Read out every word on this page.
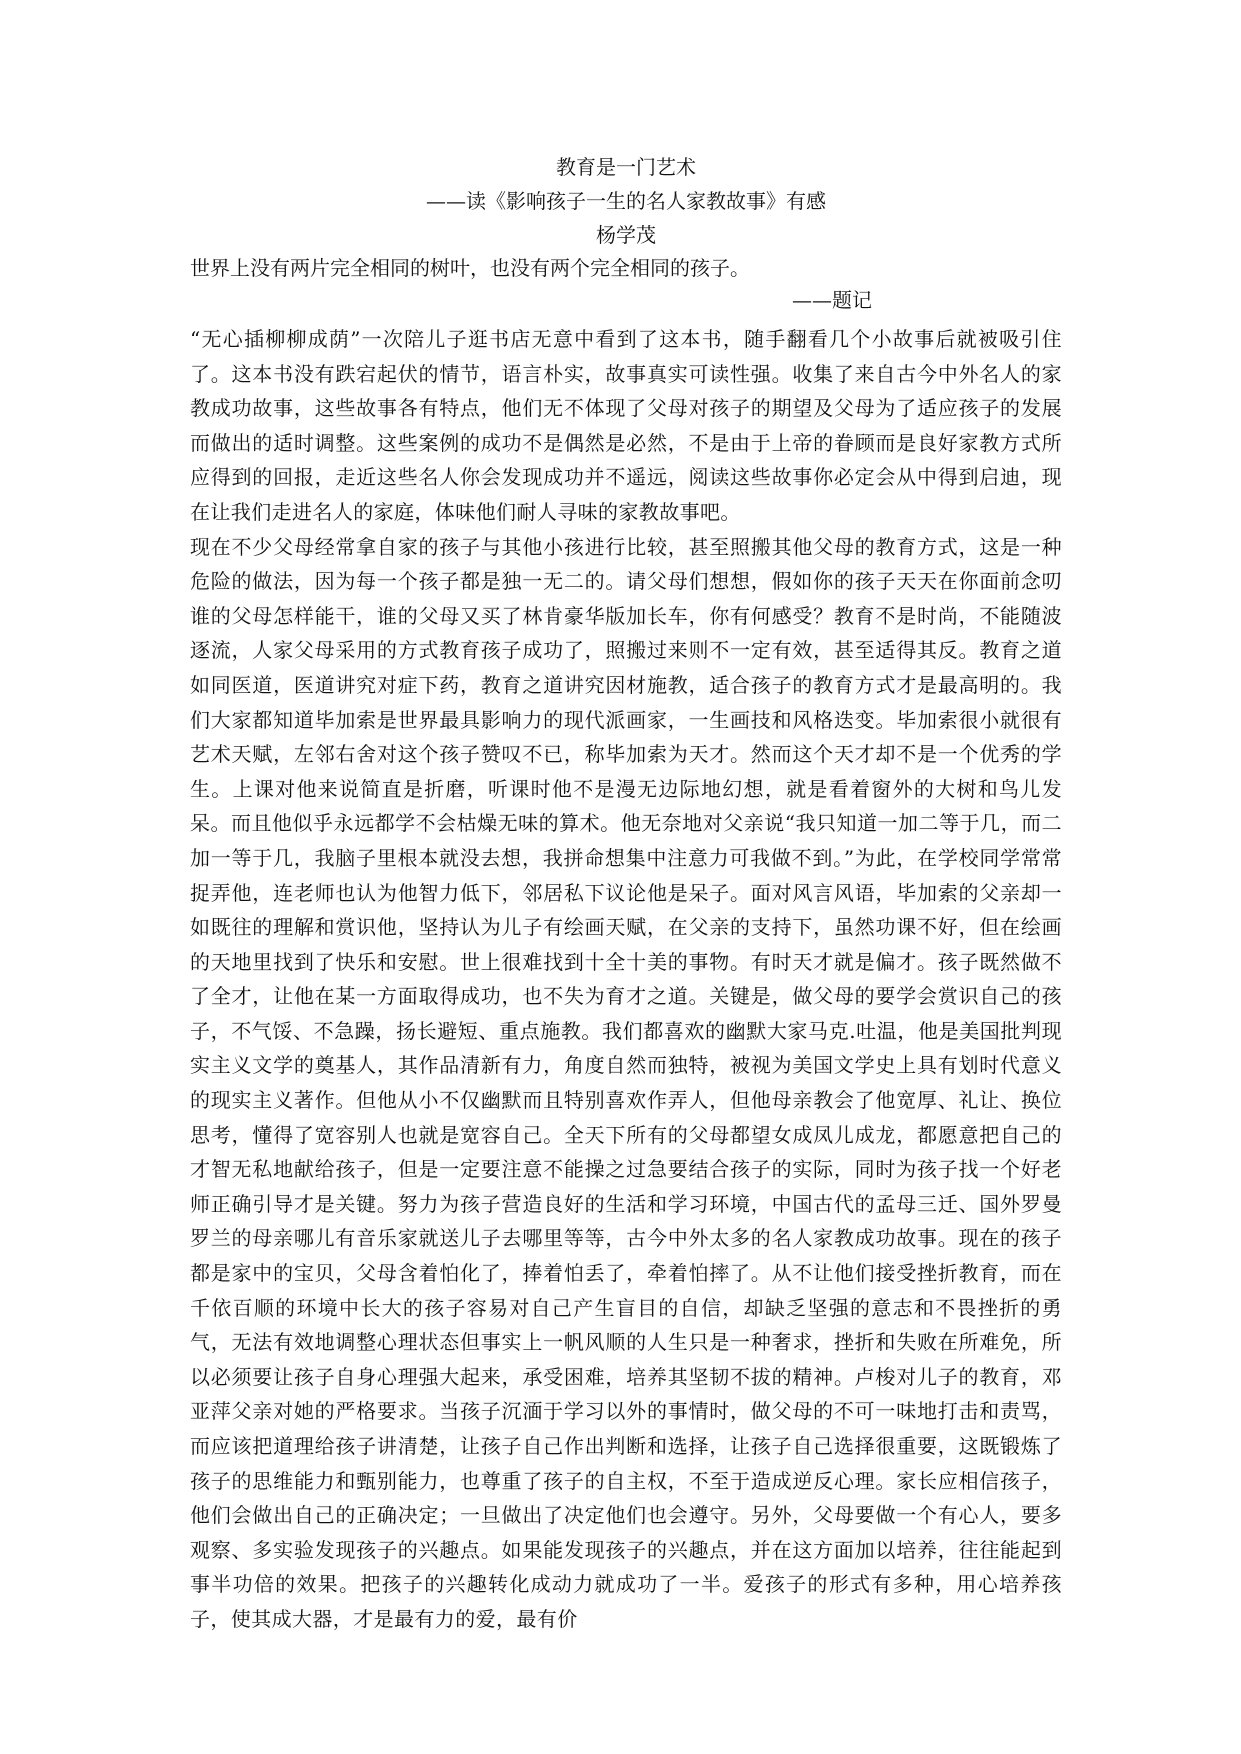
教育是一门艺术
——读《影响孩子一生的名人家教故事》有感
杨学茂
世界上没有两片完全相同的树叶，也没有两个完全相同的孩子。
——题记

“无心插柳柳成荫”一次陪儿子逛书店无意中看到了这本书，随手翻看几个小故事后就被吸引住了。这本书没有跌宕起伏的情节，语言朴实，故事真实可读性强。收集了来自古今中外名人的家教成功故事，这些故事各有特点，他们无不体现了父母对孩子的期望及父母为了适应孩子的发展而做出的适时调整。这些案例的成功不是偶然是必然，不是由于上帝的眷顾而是良好家教方式所应得到的回报，走近这些名人你会发现成功并不遥远，阅读这些故事你必定会从中得到启迪，现在让我们走进名人的家庭，体味他们耐人寻味的家教故事吧。

现在不少父母经常拿自家的孩子与其他小孩进行比较，甚至照搬其他父母的教育方式，这是一种危险的做法，因为每一个孩子都是独一无二的。请父母们想想，假如你的孩子天天在你面前念叨谁的父母怎样能干，谁的父母又买了林肯豪华版加长车，你有何感受？教育不是时尚，不能随波逐流，人家父母采用的方式教育孩子成功了，照搬过来则不一定有效，甚至适得其反。教育之道如同医道，医道讲究对症下药，教育之道讲究因材施教，适合孩子的教育方式才是最高明的。我们大家都知道毕加索是世界最具影响力的现代派画家，一生画技和风格迭变。毕加索很小就很有艺术天赋，左邻右舍对这个孩子赞叹不已，称毕加索为天才。然而这个天才却不是一个优秀的学生。上课对他来说简直是折磨，听课时他不是漫无边际地幻想，就是看着窗外的大树和鸟儿发呆。而且他似乎永远都学不会枯燥无味的算术。他无奈地对父亲说“我只知道一加二等于几，而二加一等于几，我脑子里根本就没去想，我拼命想集中注意力可我做不到。”为此，在学校同学常常捉弄他，连老师也认为他智力低下，邻居私下议论他是呆子。面对风言风语，毕加索的父亲却一如既往的理解和赏识他，坚持认为儿子有绘画天赋，在父亲的支持下，虽然功课不好，但在绘画的天地里找到了快乐和安慰。世上很难找到十全十美的事物。有时天才就是偏才。孩子既然做不了全才，让他在某一方面取得成功，也不失为育才之道。关键是，做父母的要学会赏识自己的孩子，不气馁、不急躁，扬长避短、重点施教。我们都喜欢的幽默大家马克.吐温，他是美国批判现实主义文学的奠基人，其作品清新有力，角度自然而独特，被视为美国文学史上具有划时代意义的现实主义著作。但他从小不仅幽默而且特别喜欢作弄人，但他母亲教会了他宽厚、礼让、换位思考，懂得了宽容别人也就是宽容自己。全天下所有的父母都望女成凤儿成龙，都愿意把自己的才智无私地献给孩子，但是一定要注意不能操之过急要结合孩子的实际，同时为孩子找一个好老师正确引导才是关键。努力为孩子营造良好的生活和学习环境，中国古代的孟母三迁、国外罗曼罗兰的母亲哪儿有音乐家就送儿子去哪里等等，古今中外太多的名人家教成功故事。现在的孩子都是家中的宝贝，父母含着怕化了，捧着怕丢了，牵着怕摔了。从不让他们接受挫折教育，而在千依百顺的环境中长大的孩子容易对自己产生盲目的自信，却缺乏坚强的意志和不畏挫折的勇气，无法有效地调整心理状态但事实上一帆风顺的人生只是一种奢求，挫折和失败在所难免，所以必须要让孩子自身心理强大起来，承受困难，培养其坚韧不拔的精神。卢梭对儿子的教育，邓亚萍父亲对她的严格要求。当孩子沉湎于学习以外的事情时，做父母的不可一味地打击和责骂，而应该把道理给孩子讲清楚，让孩子自己作出判断和选择，让孩子自己选择很重要，这既锻炼了孩子的思维能力和甄别能力，也尊重了孩子的自主权，不至于造成逆反心理。家长应相信孩子，他们会做出自己的正确决定；一旦做出了决定他们也会遵守。另外，父母要做一个有心人，要多观察、多实验发现孩子的兴趣点。如果能发现孩子的兴趣点，并在这方面加以培养，往往能起到事半功倍的效果。把孩子的兴趣转化成动力就成功了一半。爱孩子的形式有多种，用心培养孩子，使其成大器，才是最有力的爱，最有价
